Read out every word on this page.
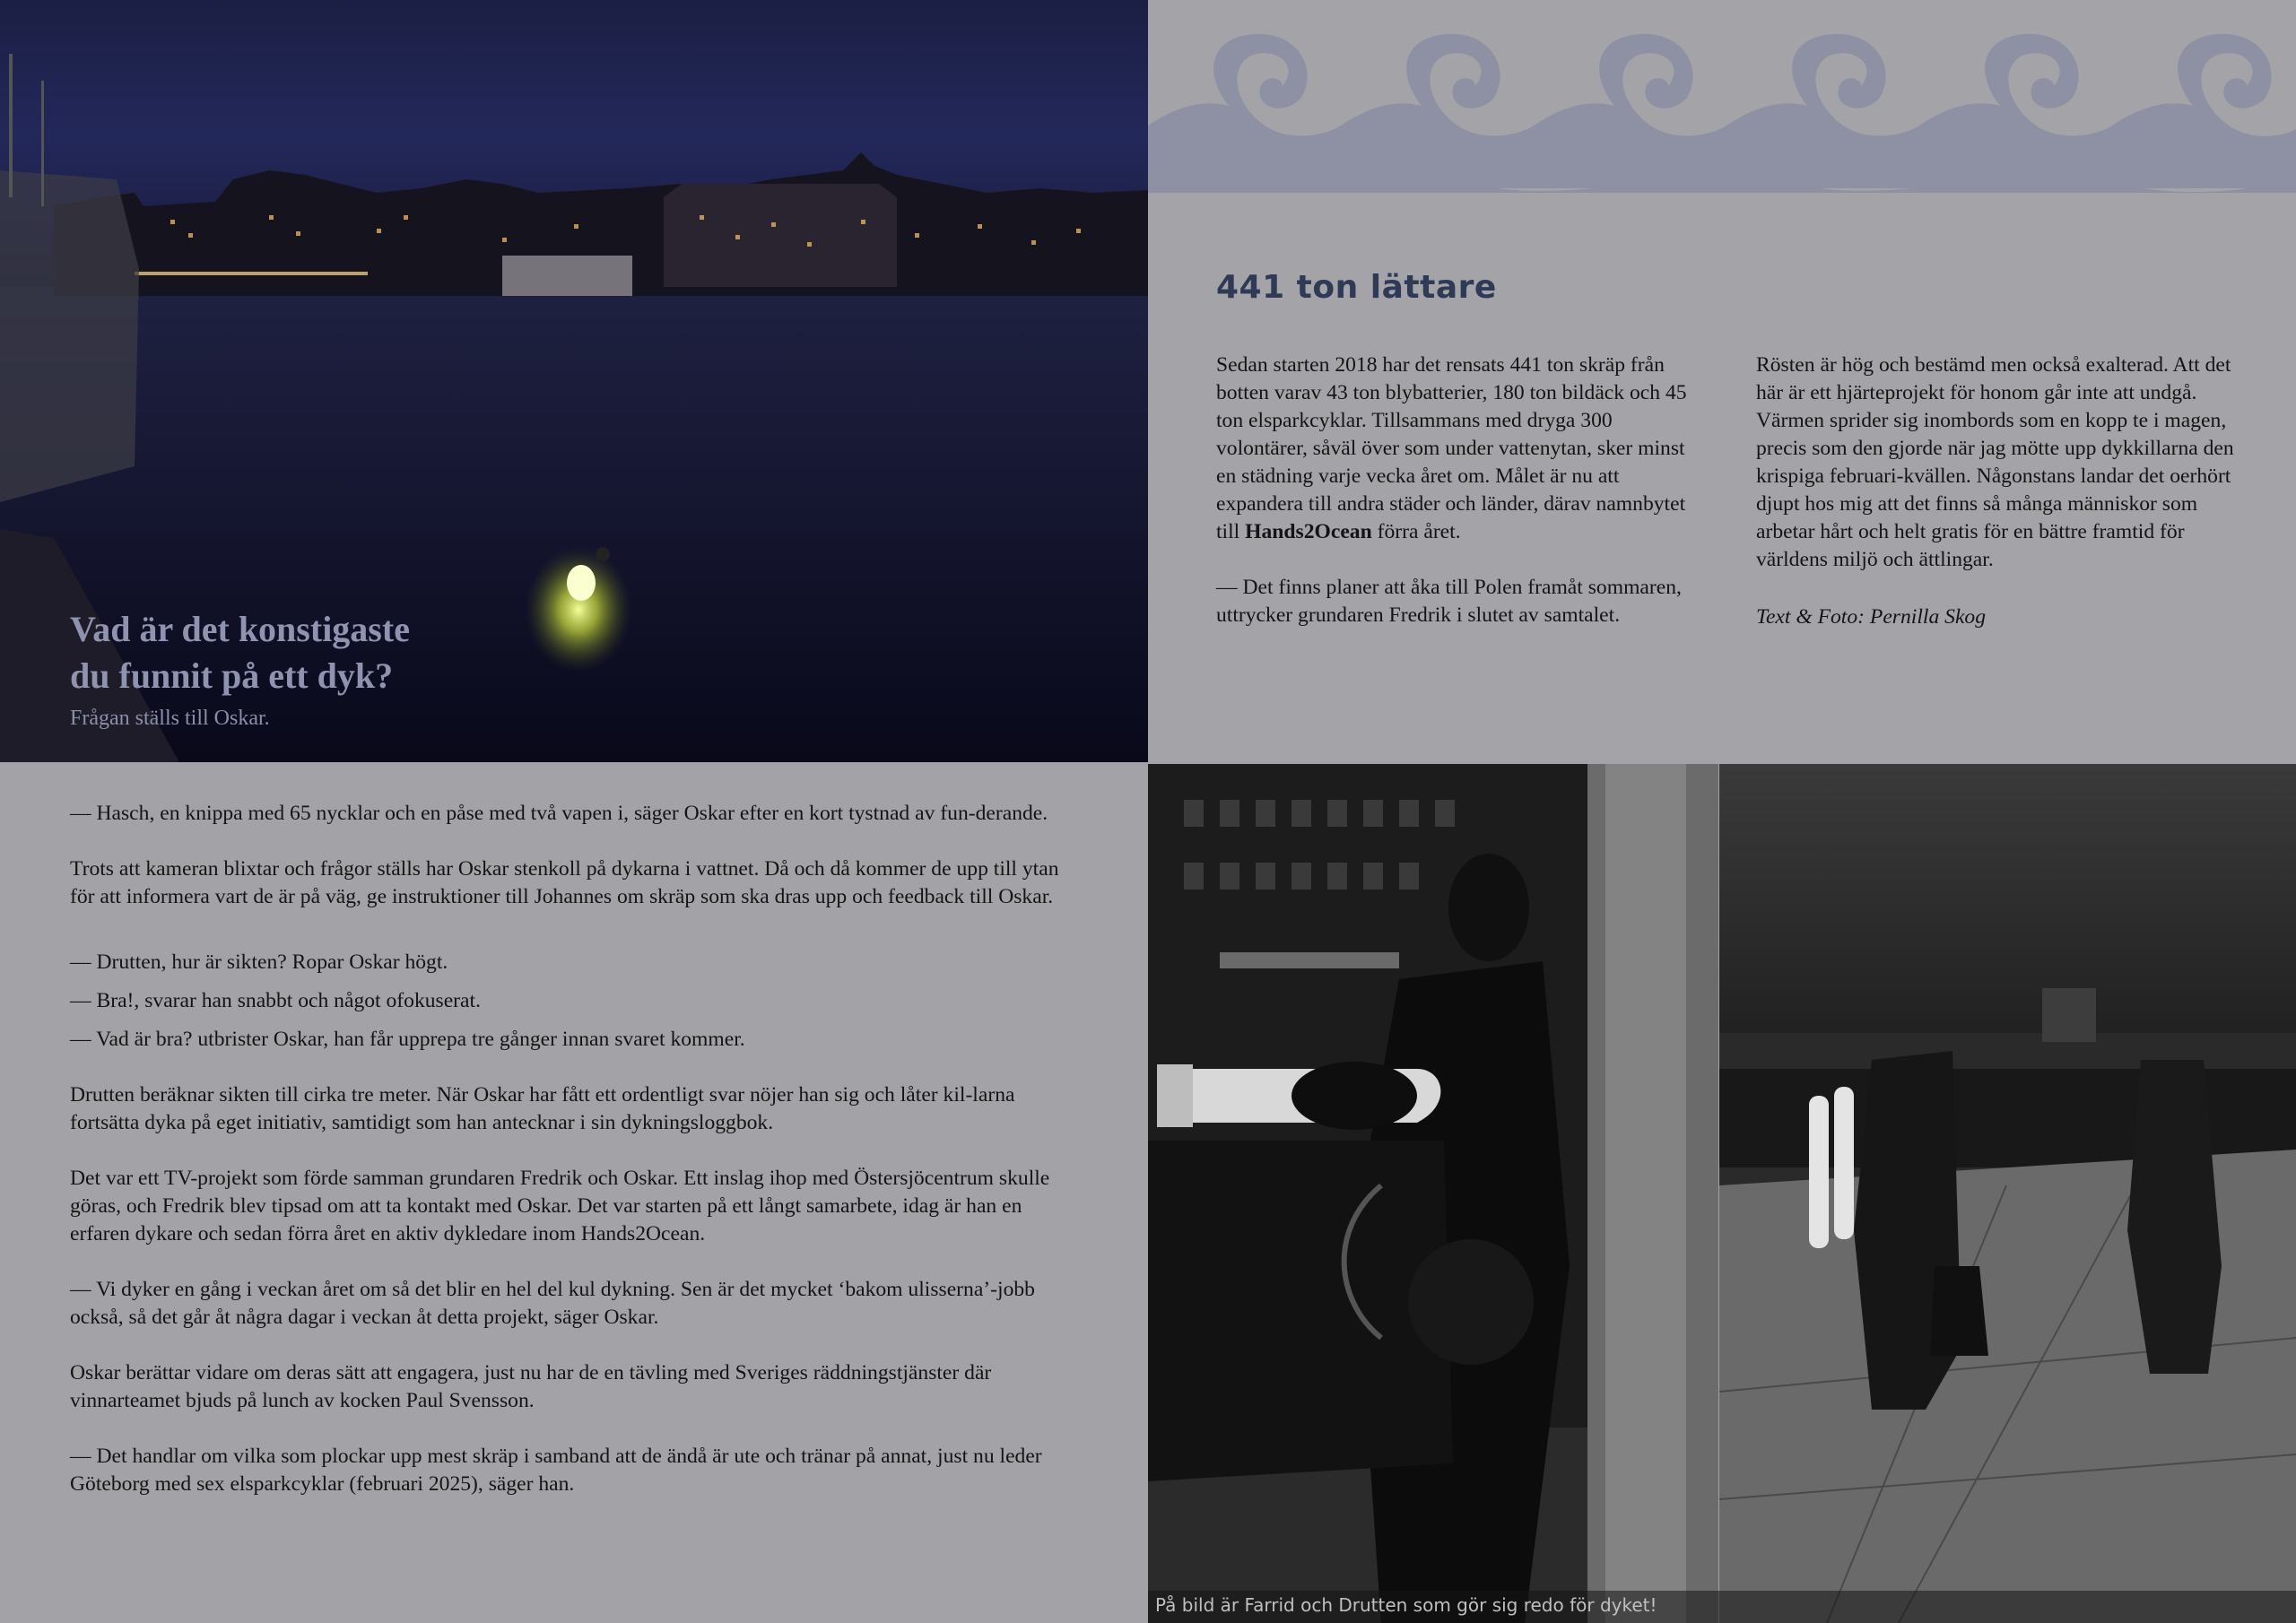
Vad är det konstigaste
du funnit på ett dyk?
Frågan ställs till Oskar.
441 ton lättare

Sedan starten 2018 har det rensats 441 ton skräp från botten varav 43 ton blybatterier, 180 ton bildäck och 45 ton elsparkcyklar. Tillsammans med dryga 300 volontärer, såväl över som under vattenytan, sker minst en städning varje vecka året om. Målet är nu att expandera till andra städer och länder, därav namnbytet till Hands2Ocean förra året.

— Det finns planer att åka till Polen framåt sommaren, uttrycker grundaren Fredrik i slutet av samtalet.

Rösten är hög och bestämd men också exalterad. Att det här är ett hjärteprojekt för honom går inte att undgå. Värmen sprider sig inombords som en kopp te i magen, precis som den gjorde när jag mötte upp dykkillarna den krispiga februari-kvällen. Någonstans landar det oerhört djupt hos mig att det finns så många människor som arbetar hårt och helt gratis för en bättre framtid för världens miljö och ättlingar.

Text & Foto: Pernilla Skog

— Hasch, en knippa med 65 nycklar och en påse med två vapen i, säger Oskar efter en kort tystnad av fun-derande.

Trots att kameran blixtar och frågor ställs har Oskar stenkoll på dykarna i vattnet. Då och då kommer de upp till ytan för att informera vart de är på väg, ge instruktioner till Johannes om skräp som ska dras upp och feedback till Oskar.

— Drutten, hur är sikten? Ropar Oskar högt.

— Bra!, svarar han snabbt och något ofokuserat.

— Vad är bra? utbrister Oskar, han får upprepa tre gånger innan svaret kommer.

Drutten beräknar sikten till cirka tre meter. När Oskar har fått ett ordentligt svar nöjer han sig och låter kil-larna fortsätta dyka på eget initiativ, samtidigt som han antecknar i sin dykningsloggbok.

Det var ett TV-projekt som förde samman grundaren Fredrik och Oskar. Ett inslag ihop med Östersjöcentrum skulle göras, och Fredrik blev tipsad om att ta kontakt med Oskar. Det var starten på ett långt samarbete, idag är han en erfaren dykare och sedan förra året en aktiv dykledare inom Hands2Ocean.

— Vi dyker en gång i veckan året om så det blir en hel del kul dykning. Sen är det mycket ‘bakom ulisserna’-jobb också, så det går åt några dagar i veckan åt detta projekt, säger Oskar.

Oskar berättar vidare om deras sätt att engagera, just nu har de en tävling med Sveriges räddningstjänster där vinnarteamet bjuds på lunch av kocken Paul Svensson.

— Det handlar om vilka som plockar upp mest skräp i samband att de ändå är ute och tränar på annat, just nu leder Göteborg med sex elsparkcyklar (februari 2025), säger han.

På bild är Farrid och Drutten som gör sig redo för dyket!
